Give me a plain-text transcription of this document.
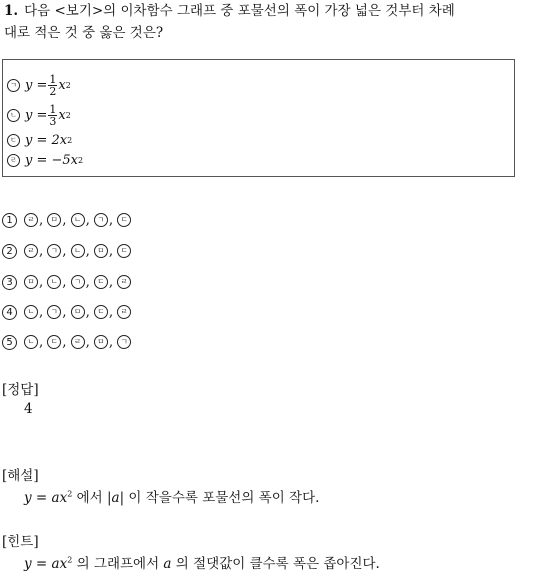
1. 다음 <보기>의 이차함수 그래프 중 포물선의 폭이 가장 넓은 것부터 차례
대로 적은 것 중 옳은 것은?
ㄱ $y = \frac{1}{2}$ x 2
ㄴ $y = \frac{1}{3}$ x 2
ㄷ y = 2x 2
ㄹ y = −5x 2
1	ㄹ , ㅁ , ㄴ , ㄱ , ㄷ
2	ㄹ , ㄱ , ㄴ , ㅁ , ㄷ
3	ㅁ , ㄴ , ㄱ , ㄷ , ㄹ
4	ㄴ , ㄱ , ㅁ , ㄷ , ㄹ
5	ㄴ , ㄷ , ㄹ , ㅁ , ㄱ
[정답]
4
[해설]
$y = ax^2$ 에서 |a| 이 작을수록 포물선의 폭이 작다.
[힌트]
$y = ax^2$ 의 그래프에서 a 의 절댓값이 클수록 폭은 좁아진다.
